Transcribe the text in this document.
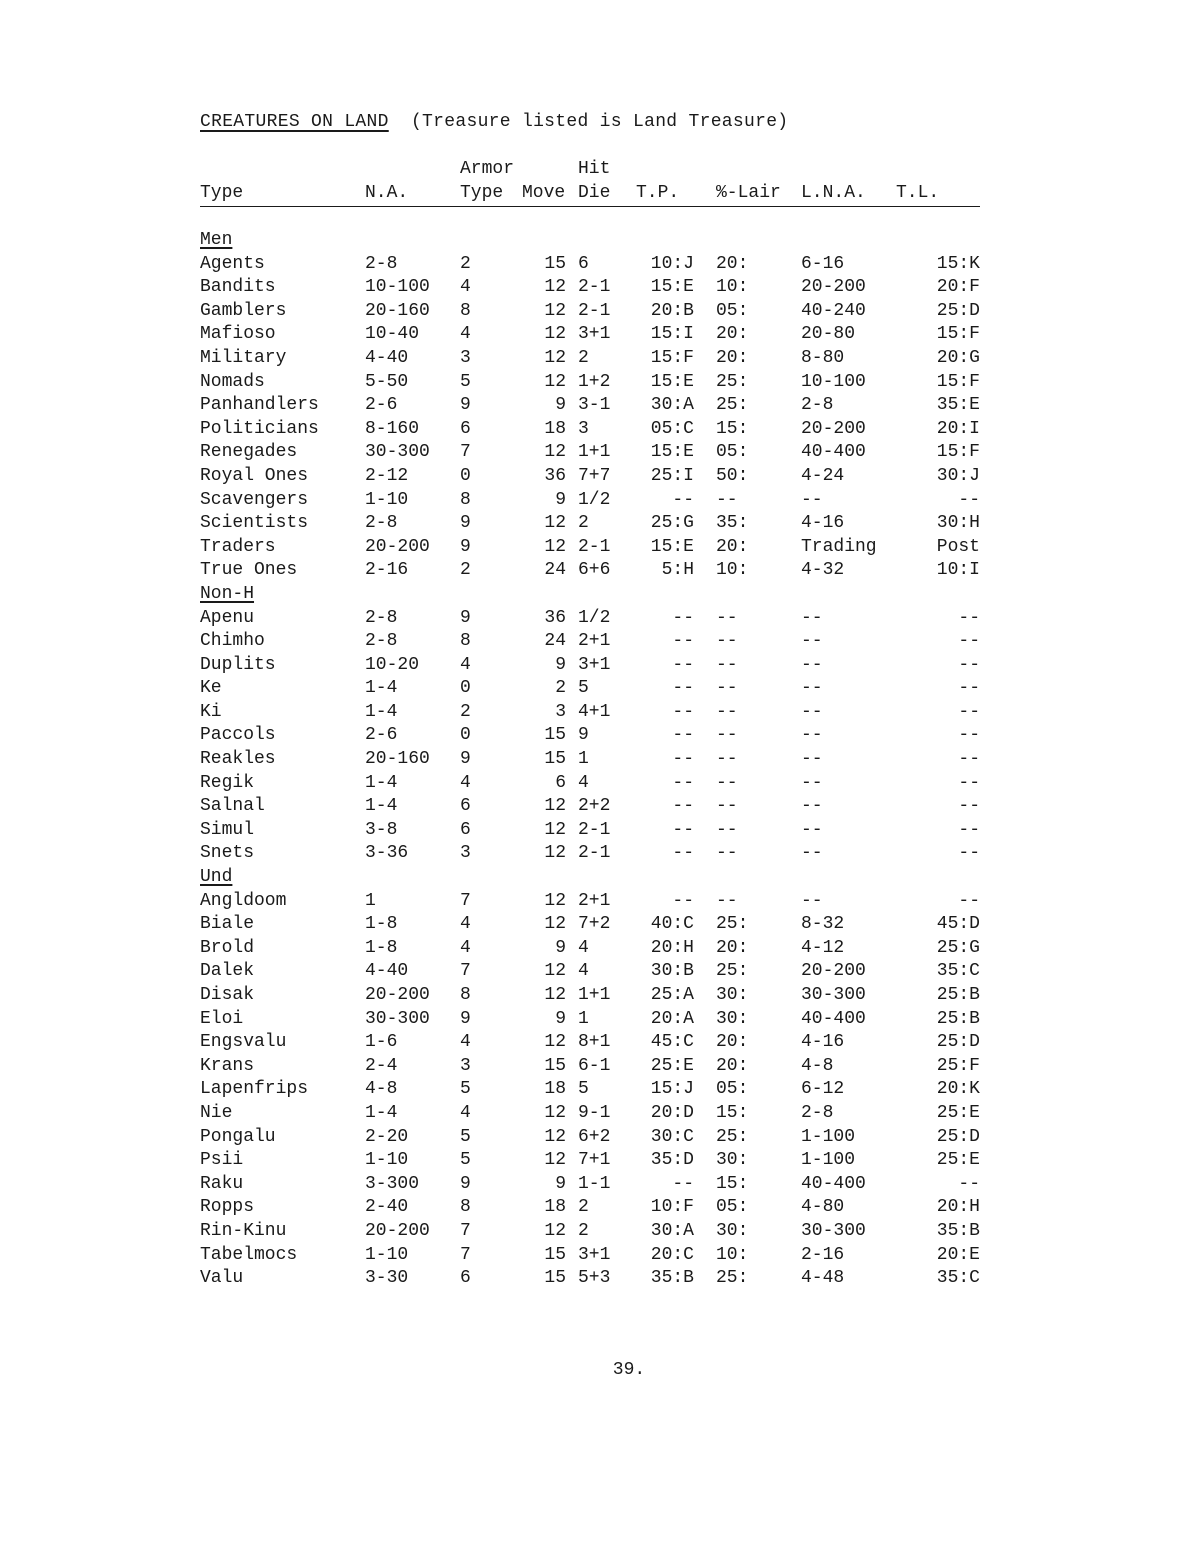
CREATURES ON LAND (Treasure listed is Land Treasure)
		Armor		Hit				
Type	N.A.	Type	Move	Die	T.P.	%-Lair	L.N.A.	T.L.

Men								
Agents	2-8	2	15	6	10:J	20:	6-16	15:K
Bandits	10-100	4	12	2-1	15:E	10:	20-200	20:F
Gamblers	20-160	8	12	2-1	20:B	05:	40-240	25:D
Mafioso	10-40	4	12	3+1	15:I	20:	20-80	15:F
Military	4-40	3	12	2	15:F	20:	8-80	20:G
Nomads	5-50	5	12	1+2	15:E	25:	10-100	15:F
Panhandlers	2-6	9	9	3-1	30:A	25:	2-8	35:E
Politicians	8-160	6	18	3	05:C	15:	20-200	20:I
Renegades	30-300	7	12	1+1	15:E	05:	40-400	15:F
Royal Ones	2-12	0	36	7+7	25:I	50:	4-24	30:J
Scavengers	1-10	8	9	1/2	--	--	--	--
Scientists	2-8	9	12	2	25:G	35:	4-16	30:H
Traders	20-200	9	12	2-1	15:E	20:	Trading	Post
True Ones	2-16	2	24	6+6	5:H	10:	4-32	10:I
Non-H								
Apenu	2-8	9	36	1/2	--	--	--	--
Chimho	2-8	8	24	2+1	--	--	--	--
Duplits	10-20	4	9	3+1	--	--	--	--
Ke	1-4	0	2	5	--	--	--	--
Ki	1-4	2	3	4+1	--	--	--	--
Paccols	2-6	0	15	9	--	--	--	--
Reakles	20-160	9	15	1	--	--	--	--
Regik	1-4	4	6	4	--	--	--	--
Salnal	1-4	6	12	2+2	--	--	--	--
Simul	3-8	6	12	2-1	--	--	--	--
Snets	3-36	3	12	2-1	--	--	--	--
Und								
Angldoom	1	7	12	2+1	--	--	--	--
Biale	1-8	4	12	7+2	40:C	25:	8-32	45:D
Brold	1-8	4	9	4	20:H	20:	4-12	25:G
Dalek	4-40	7	12	4	30:B	25:	20-200	35:C
Disak	20-200	8	12	1+1	25:A	30:	30-300	25:B
Eloi	30-300	9	9	1	20:A	30:	40-400	25:B
Engsvalu	1-6	4	12	8+1	45:C	20:	4-16	25:D
Krans	2-4	3	15	6-1	25:E	20:	4-8	25:F
Lapenfrips	4-8	5	18	5	15:J	05:	6-12	20:K
Nie	1-4	4	12	9-1	20:D	15:	2-8	25:E
Pongalu	2-20	5	12	6+2	30:C	25:	1-100	25:D
Psii	1-10	5	12	7+1	35:D	30:	1-100	25:E
Raku	3-300	9	9	1-1	--	15:	40-400	--
Ropps	2-40	8	18	2	10:F	05:	4-80	20:H
Rin-Kinu	20-200	7	12	2	30:A	30:	30-300	35:B
Tabelmocs	1-10	7	15	3+1	20:C	10:	2-16	20:E
Valu	3-30	6	15	5+3	35:B	25:	4-48	35:C
39.
